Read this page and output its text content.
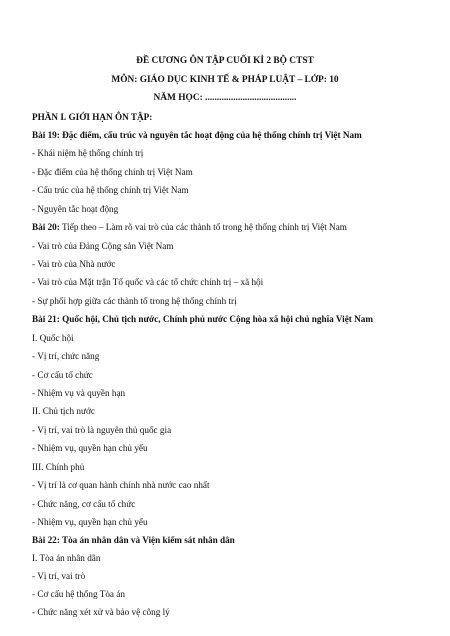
ĐỀ CƯƠNG ÔN TẬP CUỐI KÌ 2 BỘ CTST
MÔN: GIÁO DỤC KINH TẾ & PHÁP LUẬT – LỚP: 10
NĂM HỌC: .......................................
PHẦN I. GIỚI HẠN ÔN TẬP:
Bài 19: Đặc điểm, cấu trúc và nguyên tắc hoạt động của hệ thống chính trị Việt Nam
- Khái niệm hệ thống chính trị
- Đặc điểm của hệ thống chính trị Việt Nam
- Cấu trúc của hệ thống chính trị Việt Nam
- Nguyên tắc hoạt động
Bài 20: Tiếp theo – Làm rõ vai trò của các thành tố trong hệ thống chính trị Việt Nam
- Vai trò của Đảng Cộng sản Việt Nam
- Vai trò của Nhà nước
- Vai trò của Mặt trận Tổ quốc và các tổ chức chính trị – xã hội
- Sự phối hợp giữa các thành tố trong hệ thống chính trị
Bài 21: Quốc hội, Chủ tịch nước, Chính phủ nước Cộng hòa xã hội chủ nghĩa Việt Nam
I. Quốc hội
- Vị trí, chức năng
- Cơ cấu tổ chức
- Nhiệm vụ và quyền hạn
II. Chủ tịch nước
- Vị trí, vai trò là nguyên thủ quốc gia
- Nhiệm vụ, quyền hạn chủ yếu
III. Chính phủ
- Vị trí là cơ quan hành chính nhà nước cao nhất
- Chức năng, cơ cấu tổ chức
- Nhiệm vụ, quyền hạn chủ yếu
Bài 22: Tòa án nhân dân và Viện kiểm sát nhân dân
I. Tòa án nhân dân
- Vị trí, vai trò
- Cơ cấu hệ thống Tòa án
- Chức năng xét xử và bảo vệ công lý
